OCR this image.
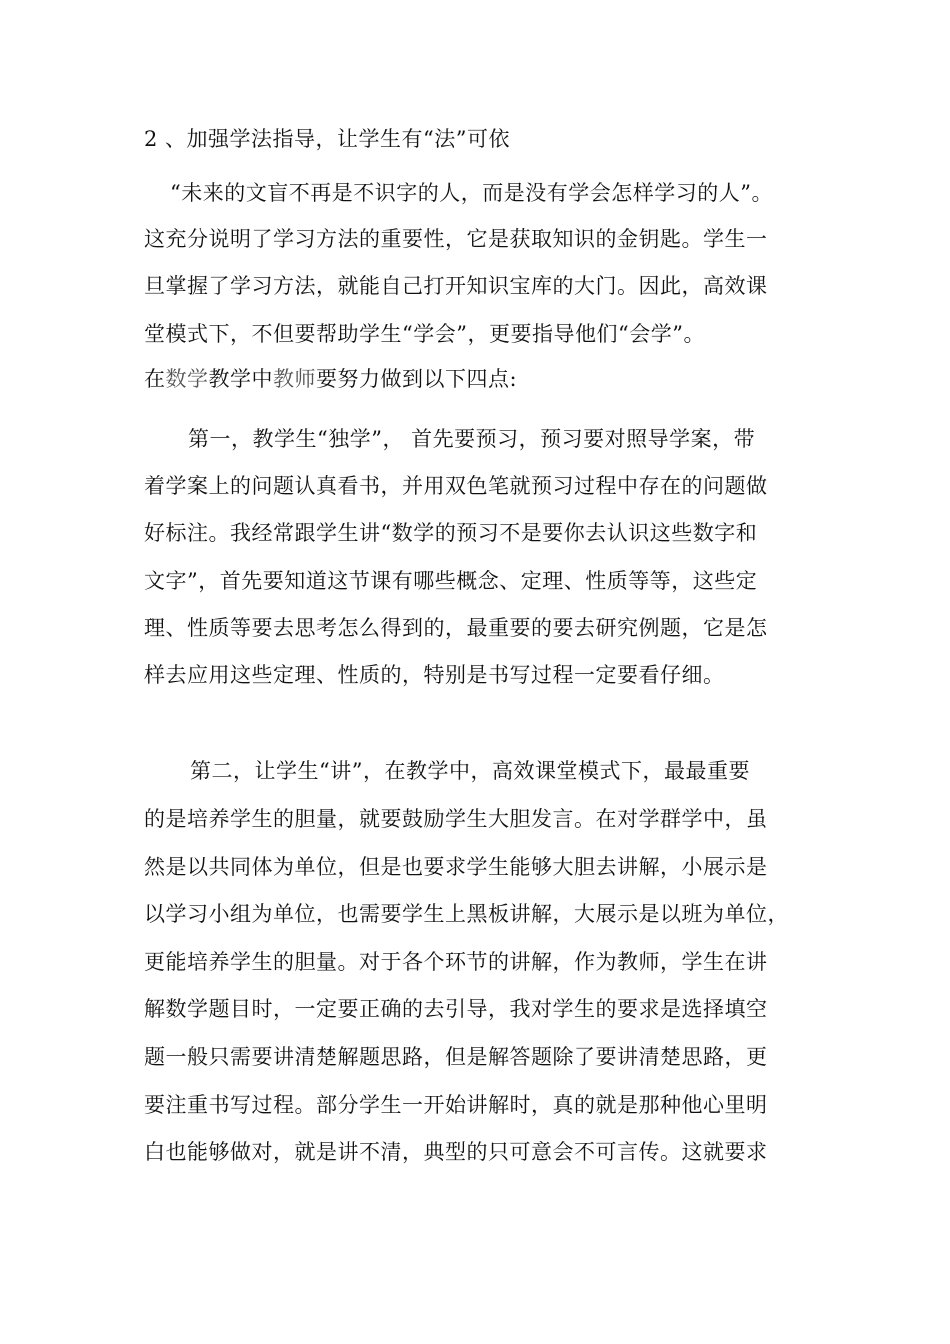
2 、加强学法指导，让学生有“法”可依
“未来的文盲不再是不识字的人，而是没有学会怎样学习的人”。
这充分说明了学习方法的重要性，它是获取知识的金钥匙。学生一
旦掌握了学习方法，就能自己打开知识宝库的大门。因此，高效课
堂模式下，不但要帮助学生“学会”，更要指导他们“会学”。
在数学教学中教师要努力做到以下四点:
第一，教学生“独学”， 首先要预习，预习要对照导学案，带
着学案上的问题认真看书，并用双色笔就预习过程中存在的问题做
好标注。我经常跟学生讲“数学的预习不是要你去认识这些数字和
文字”，首先要知道这节课有哪些概念、定理、性质等等，这些定
理、性质等要去思考怎么得到的，最重要的要去研究例题，它是怎
样去应用这些定理、性质的，特别是书写过程一定要看仔细。
第二，让学生“讲”，在教学中，高效课堂模式下，最最重要
的是培养学生的胆量，就要鼓励学生大胆发言。在对学群学中，虽
然是以共同体为单位，但是也要求学生能够大胆去讲解，小展示是
以学习小组为单位，也需要学生上黑板讲解，大展示是以班为单位，
更能培养学生的胆量。对于各个环节的讲解，作为教师，学生在讲
解数学题目时，一定要正确的去引导，我对学生的要求是选择填空
题一般只需要讲清楚解题思路，但是解答题除了要讲清楚思路，更
要注重书写过程。部分学生一开始讲解时，真的就是那种他心里明
白也能够做对，就是讲不清，典型的只可意会不可言传。这就要求
